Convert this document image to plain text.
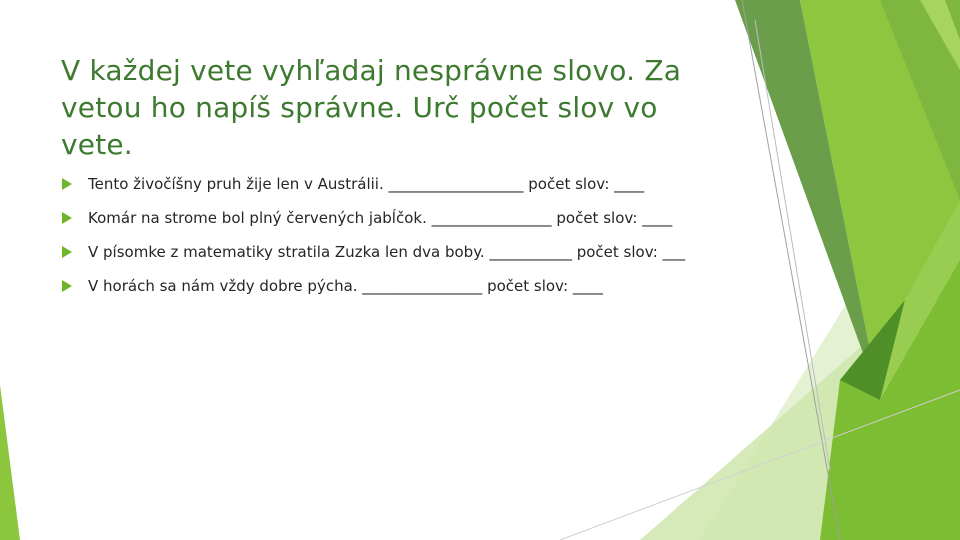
V každej vete vyhľadaj nesprávne slovo. Za vetou ho napíš správne. Urč počet slov vo vete.
Tento živočíšny pruh žije len v Austrálii. __________________ počet slov: ____
Komár na strome bol plný červených jabĺčok. ________________ počet slov: ____
V písomke z matematiky stratila Zuzka len dva boby. ___________ počet slov: ___
V horách sa nám vždy dobre pýcha. ________________ počet slov: ____
